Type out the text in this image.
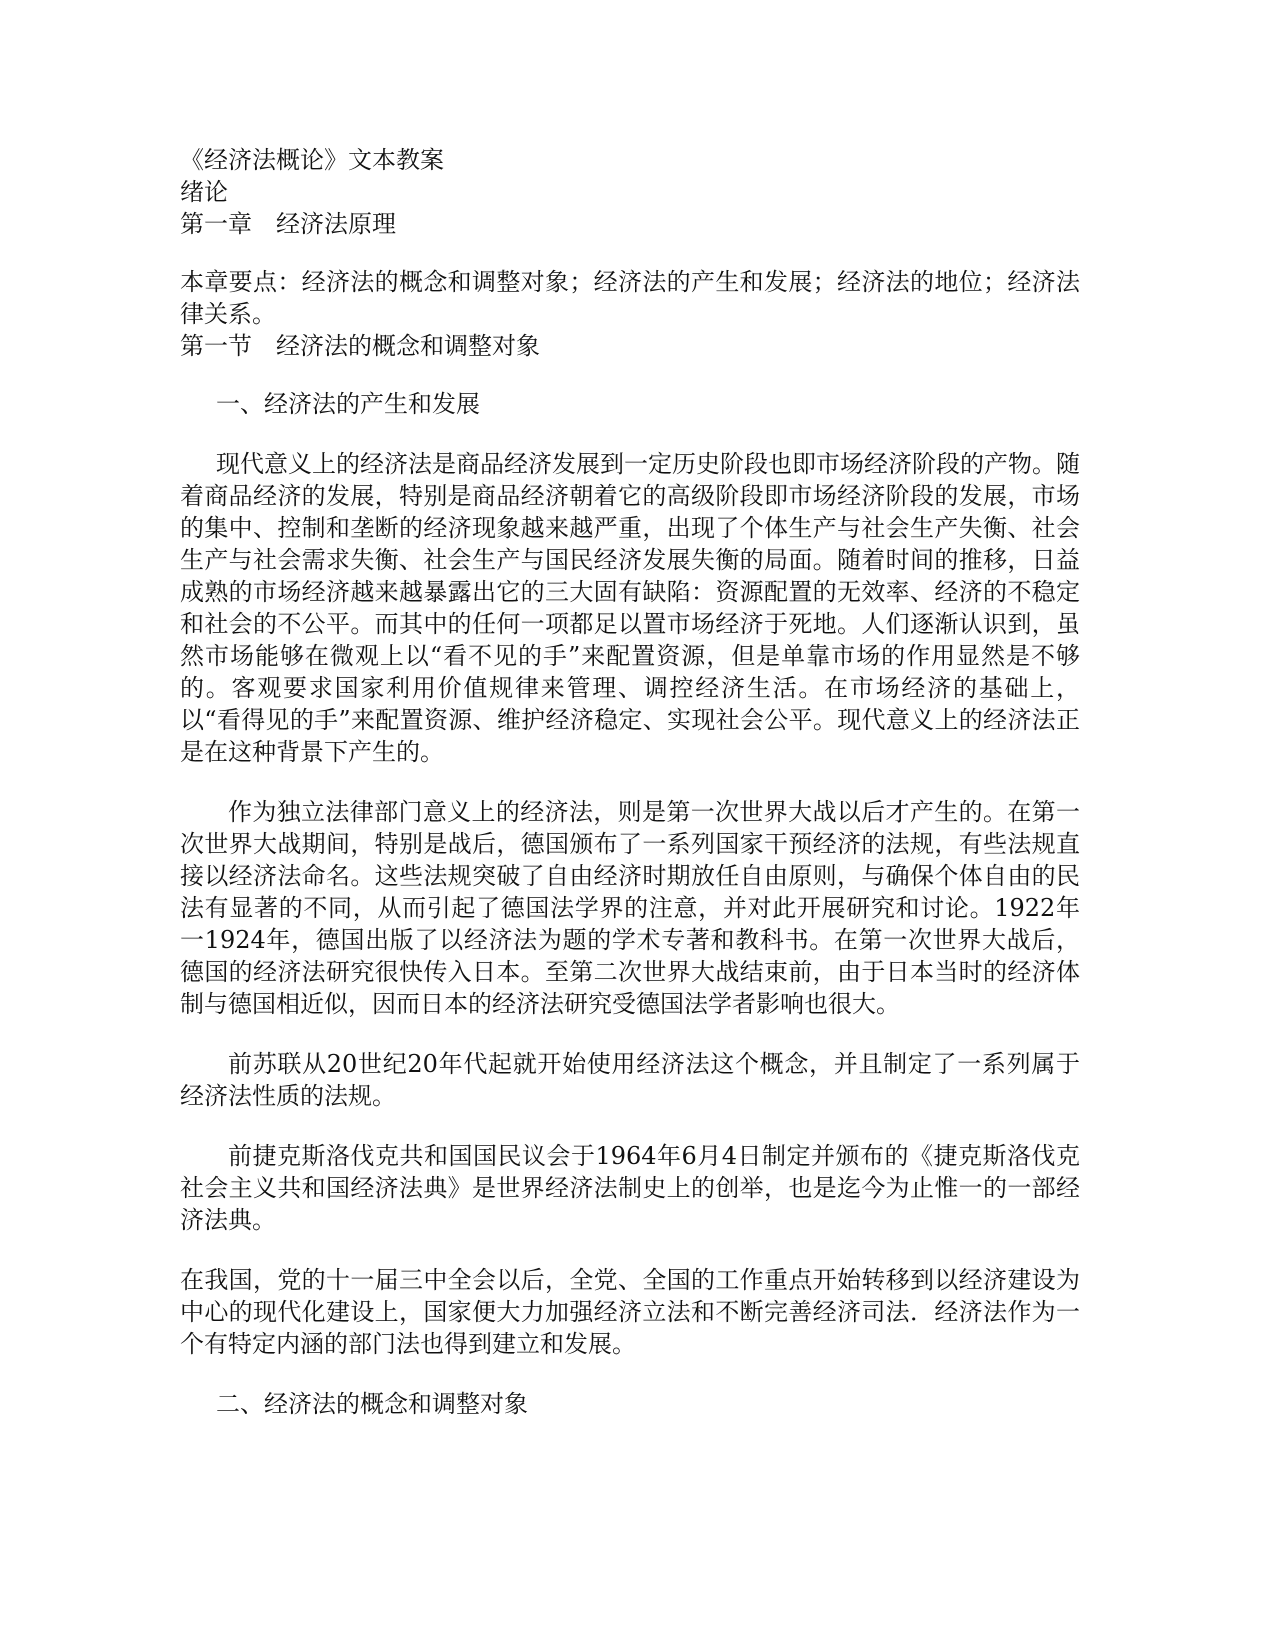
《经济法概论》文本教案

绪论

第一章　经济法原理

本章要点：经济法的概念和调整对象；经济法的产生和发展；经济法的地位；经济法律关系。

第一节　经济法的概念和调整对象

一、经济法的产生和发展

现代意义上的经济法是商品经济发展到一定历史阶段也即市场经济阶段的产物。随着商品经济的发展，特别是商品经济朝着它的高级阶段即市场经济阶段的发展，市场的集中、控制和垄断的经济现象越来越严重，出现了个体生产与社会生产失衡、社会生产与社会需求失衡、社会生产与国民经济发展失衡的局面。随着时间的推移，日益成熟的市场经济越来越暴露出它的三大固有缺陷：资源配置的无效率、经济的不稳定和社会的不公平。而其中的任何一项都足以置市场经济于死地。人们逐渐认识到，虽然市场能够在微观上以“看不见的手”来配置资源，但是单靠市场的作用显然是不够的。客观要求国家利用价值规律来管理、调控经济生活。在市场经济的基础上，以“看得见的手”来配置资源、维护经济稳定、实现社会公平。现代意义上的经济法正是在这种背景下产生的。

作为独立法律部门意义上的经济法，则是第一次世界大战以后才产生的。在第一次世界大战期间，特别是战后，德国颁布了一系列国家干预经济的法规，有些法规直接以经济法命名。这些法规突破了自由经济时期放任自由原则，与确保个体自由的民法有显著的不同，从而引起了德国法学界的注意，并对此开展研究和讨论。1922年一1924年，德国出版了以经济法为题的学术专著和教科书。在第一次世界大战后，德国的经济法研究很快传入日本。至第二次世界大战结束前，由于日本当时的经济体制与德国相近似，因而日本的经济法研究受德国法学者影响也很大。

前苏联从20世纪20年代起就开始使用经济法这个概念，并且制定了一系列属于经济法性质的法规。

前捷克斯洛伐克共和国国民议会于1964年6月4日制定并颁布的《捷克斯洛伐克社会主义共和国经济法典》是世界经济法制史上的创举，也是迄今为止惟一的一部经济法典。

在我国，党的十一届三中全会以后，全党、全国的工作重点开始转移到以经济建设为中心的现代化建设上，国家便大力加强经济立法和不断完善经济司法．经济法作为一个有特定内涵的部门法也得到建立和发展。

二、经济法的概念和调整对象
